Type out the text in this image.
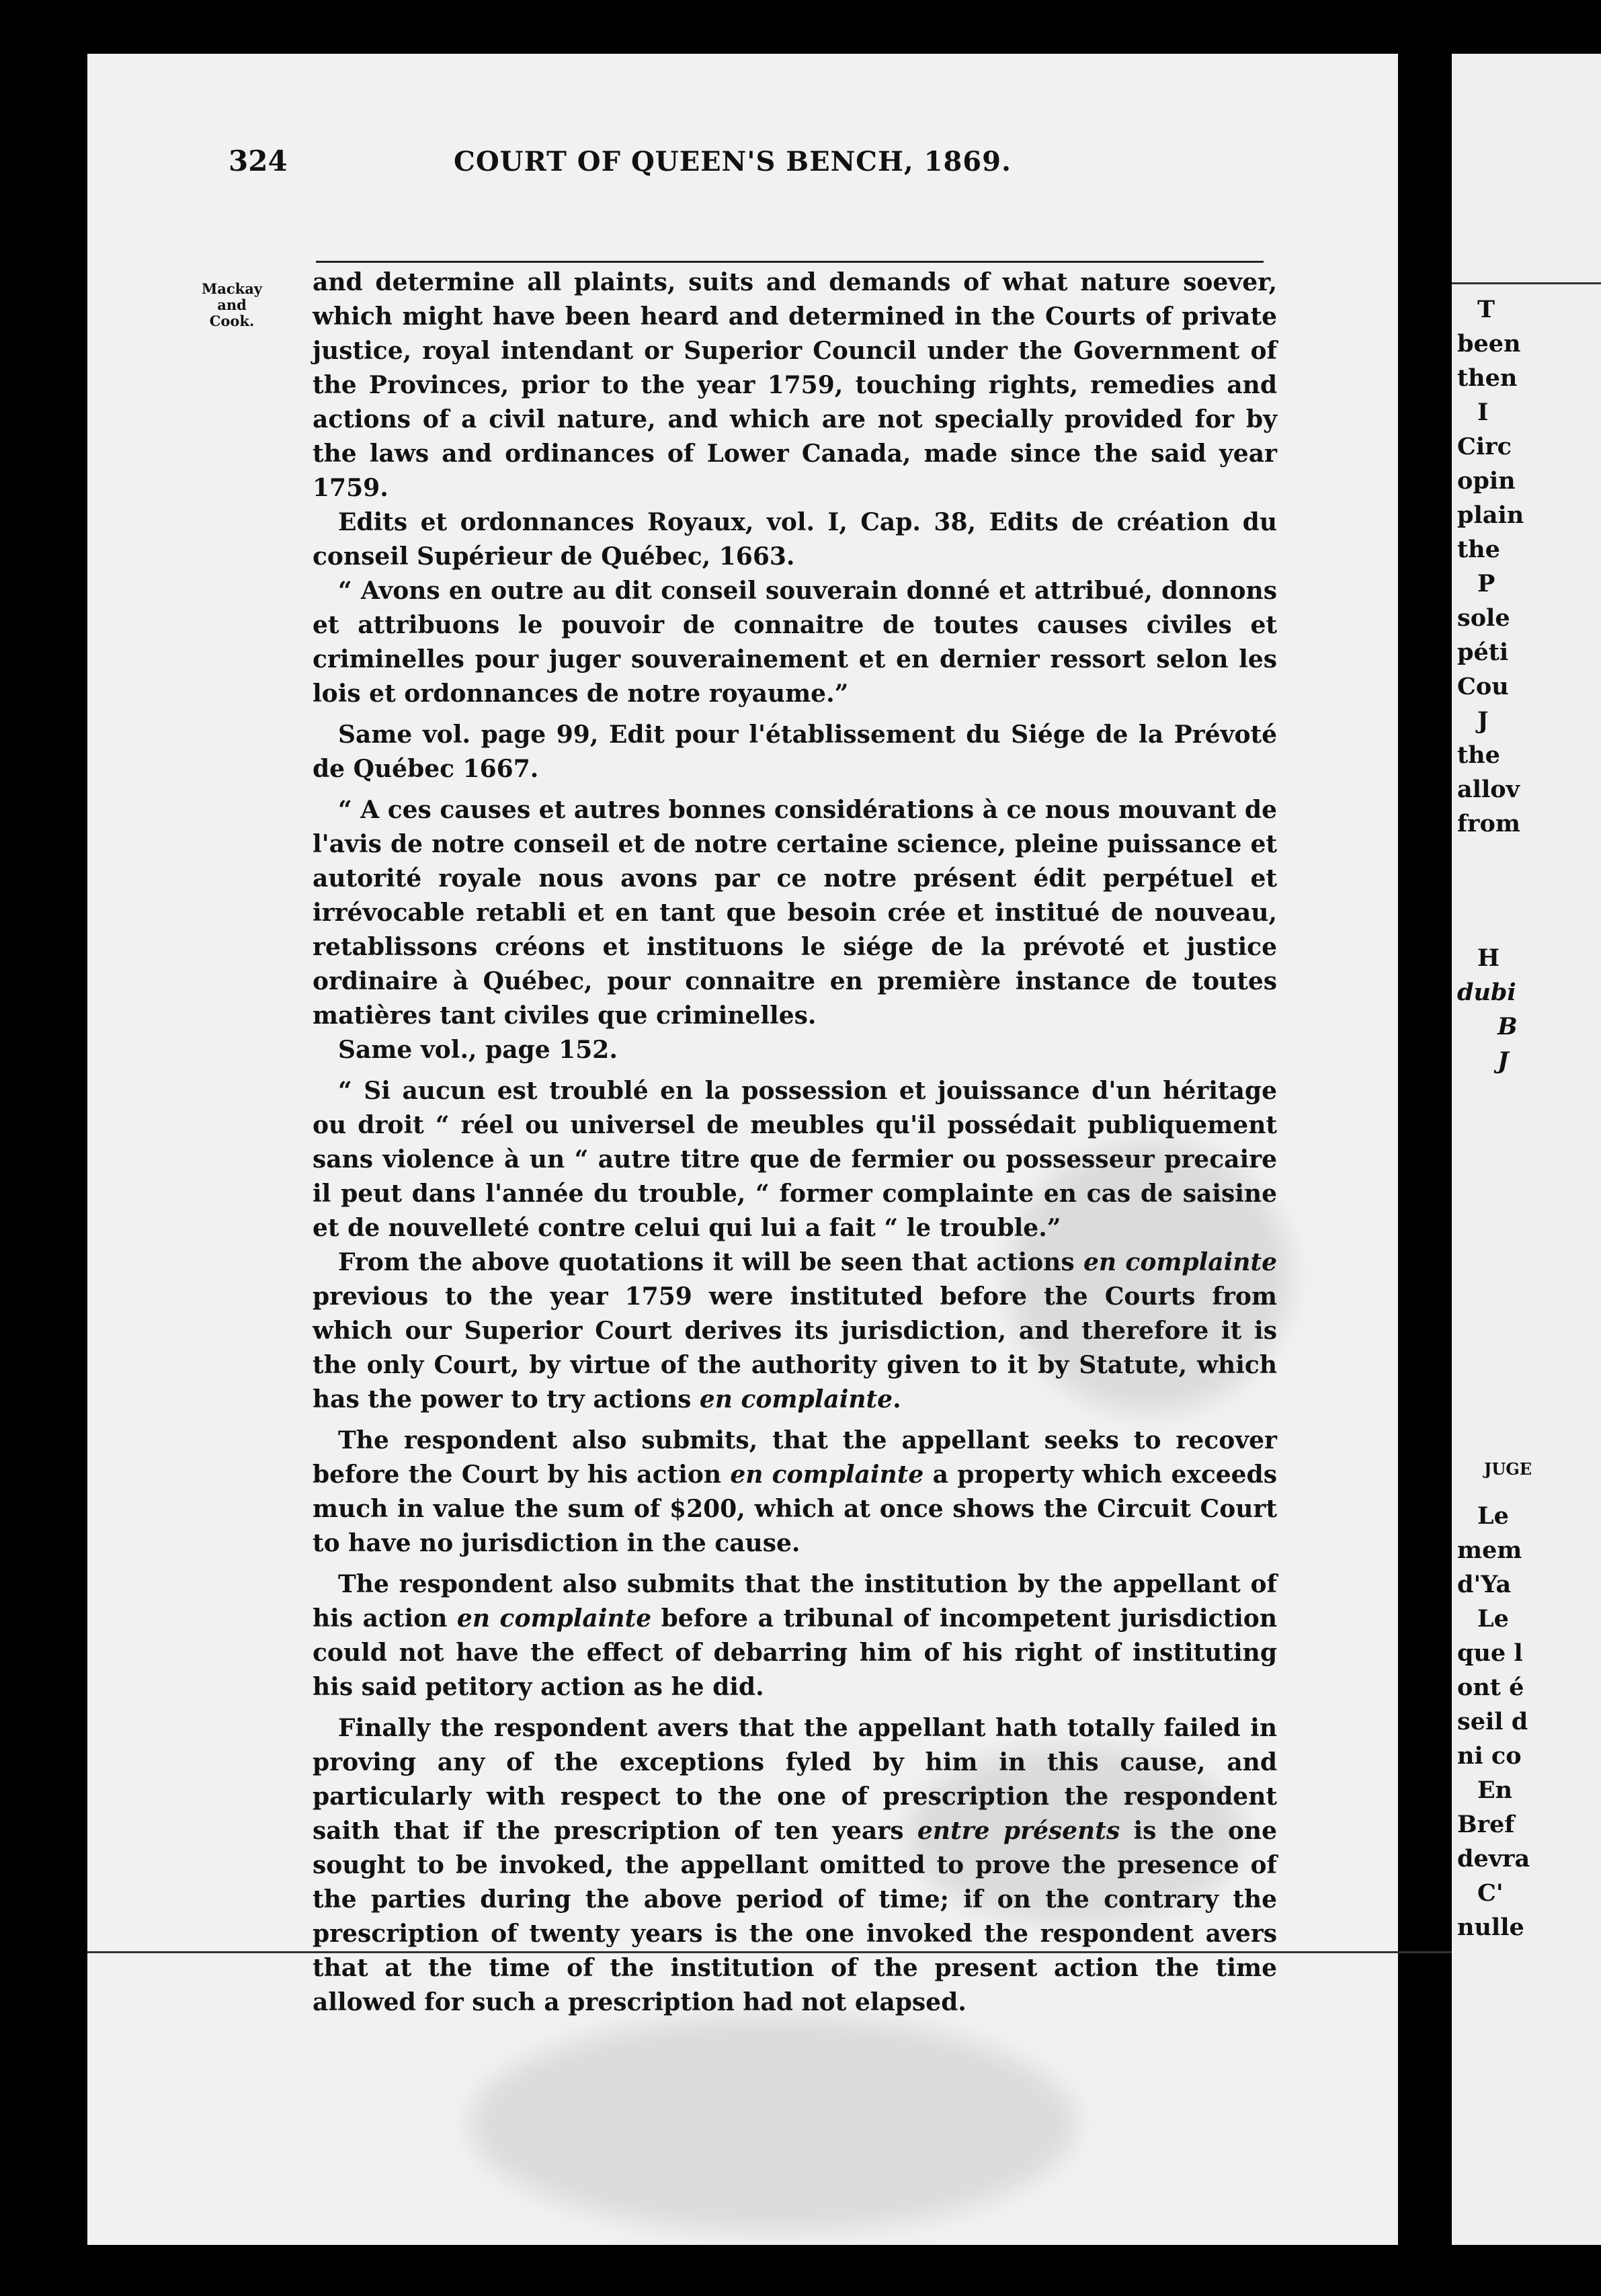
324	COURT OF QUEEN'S BENCH, 1869.
Mackay
and
Cook.

and determine all plaints, suits and demands of what nature soever, which might have been heard and determined in the Courts of private justice, royal intendant or Superior Council under the Government of the Provinces, prior to the year 1759, touching rights, remedies and actions of a civil nature, and which are not specially provided for by the laws and ordinances of Lower Canada, made since the said year 1759.

Edits et ordonnances Royaux, vol. I, Cap. 38, Edits de création du conseil Supérieur de Québec, 1663.

“ Avons en outre au dit conseil souverain donné et attribué, donnons et attribuons le pouvoir de connaitre de toutes causes civiles et criminelles pour juger souverainement et en dernier ressort selon les lois et ordonnances de notre royaume.”

Same vol. page 99, Edit pour l'établissement du Siége de la Prévoté de Québec 1667.

“ A ces causes et autres bonnes considérations à ce nous mouvant de l'avis de notre conseil et de notre certaine science, pleine puissance et autorité royale nous avons par ce notre présent édit perpétuel et irrévocable retabli et en tant que besoin crée et institué de nouveau, retablissons créons et instituons le siége de la prévoté et justice ordinaire à Québec, pour connaitre en première instance de toutes matières tant civiles que criminelles.

Same vol., page 152.

“ Si aucun est troublé en la possession et jouissance d'un héritage ou droit “ réel ou universel de meubles qu'il possédait publiquement sans violence à un “ autre titre que de fermier ou possesseur precaire il peut dans l'année du trouble, “ former complainte en cas de saisine et de nouvelleté contre celui qui lui a fait “ le trouble.”

From the above quotations it will be seen that actions en complainte previous to the year 1759 were instituted before the Courts from which our Superior Court derives its jurisdiction, and therefore it is the only Court, by virtue of the authority given to it by Statute, which has the power to try actions en complainte.

The respondent also submits, that the appellant seeks to recover before the Court by his action en complainte a property which exceeds much in value the sum of $200, which at once shows the Circuit Court to have no jurisdiction in the cause.

The respondent also submits that the institution by the appellant of his action en complainte before a tribunal of incompetent jurisdiction could not have the effect of debarring him of his right of instituting his said petitory action as he did.

Finally the respondent avers that the appellant hath totally failed in proving any of the exceptions fyled by him in this cause, and particularly with respect to the one of prescription the respondent saith that if the prescription of ten years entre présents is the one sought to be invoked, the appellant omitted to prove the presence of the parties during the above period of time; if on the contrary the prescription of twenty years is the one invoked the respondent avers that at the time of the institution of the present action the time allowed for such a prescription had not elapsed.

T
been
then
I
Circ
opin
plain
the
P
sole
péti
Cou
J
the
allov
from
H
dubi
B
J
JUGE
Le
mem
d'Ya
Le
que l
ont é
seil d
ni co
En
Bref
devra
C'
nulle
